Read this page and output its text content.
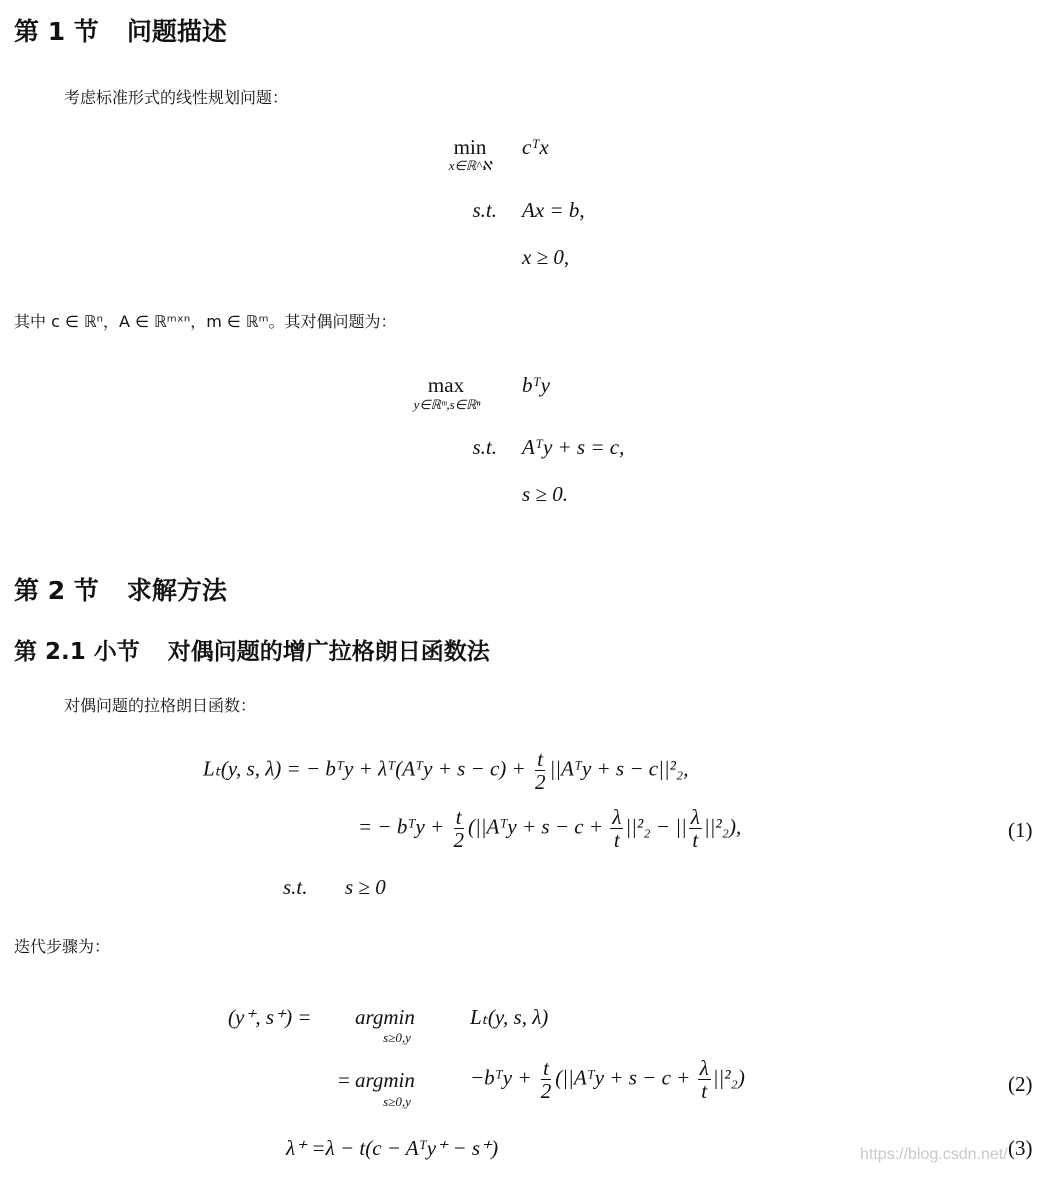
第 1 节 问题描述
考虑标准形式的线性规划问题：
min
x∈ℝ^ℵ
cᵀx
s.t. Ax = b,
x ≥ 0,
其中 c ∈ ℝⁿ，A ∈ ℝᵐˣⁿ，m ∈ ℝᵐ。其对偶问题为：
max
y∈ℝᵐ,s∈ℝⁿ
bᵀy
s.t. Aᵀy + s = c,
s ≥ 0.
第 2 节 求解方法
第 2.1 小节 对偶问题的增广拉格朗日函数法
对偶问题的拉格朗日函数：
Lₜ(y, s, λ) = − bᵀy + λᵀ(Aᵀy + $s - c) + \frac{t}{2}$ ||Aᵀy + s − c||²₂,
= − bᵀy + $\frac{t}{2}$ (||Aᵀy + $s - c + \frac{\lambda}{t} ||^2_2$ − || $\frac{\lambda}{t} ||^2_2$),	(1)
s.t. s ≥ 0
迭代步骤为：
(y⁺, s⁺) = argmin
s≥0,y
Lₜ(y, s, λ)
= argmin
s≥0,y
−bᵀy + $\frac{t}{2}$ (||Aᵀy + $s - c + \frac{\lambda}{t} ||^2_2$)	(2)
λ⁺ =λ − t(c − Aᵀy⁺ − s⁺)	(3)
https://blog.csdn.net/
